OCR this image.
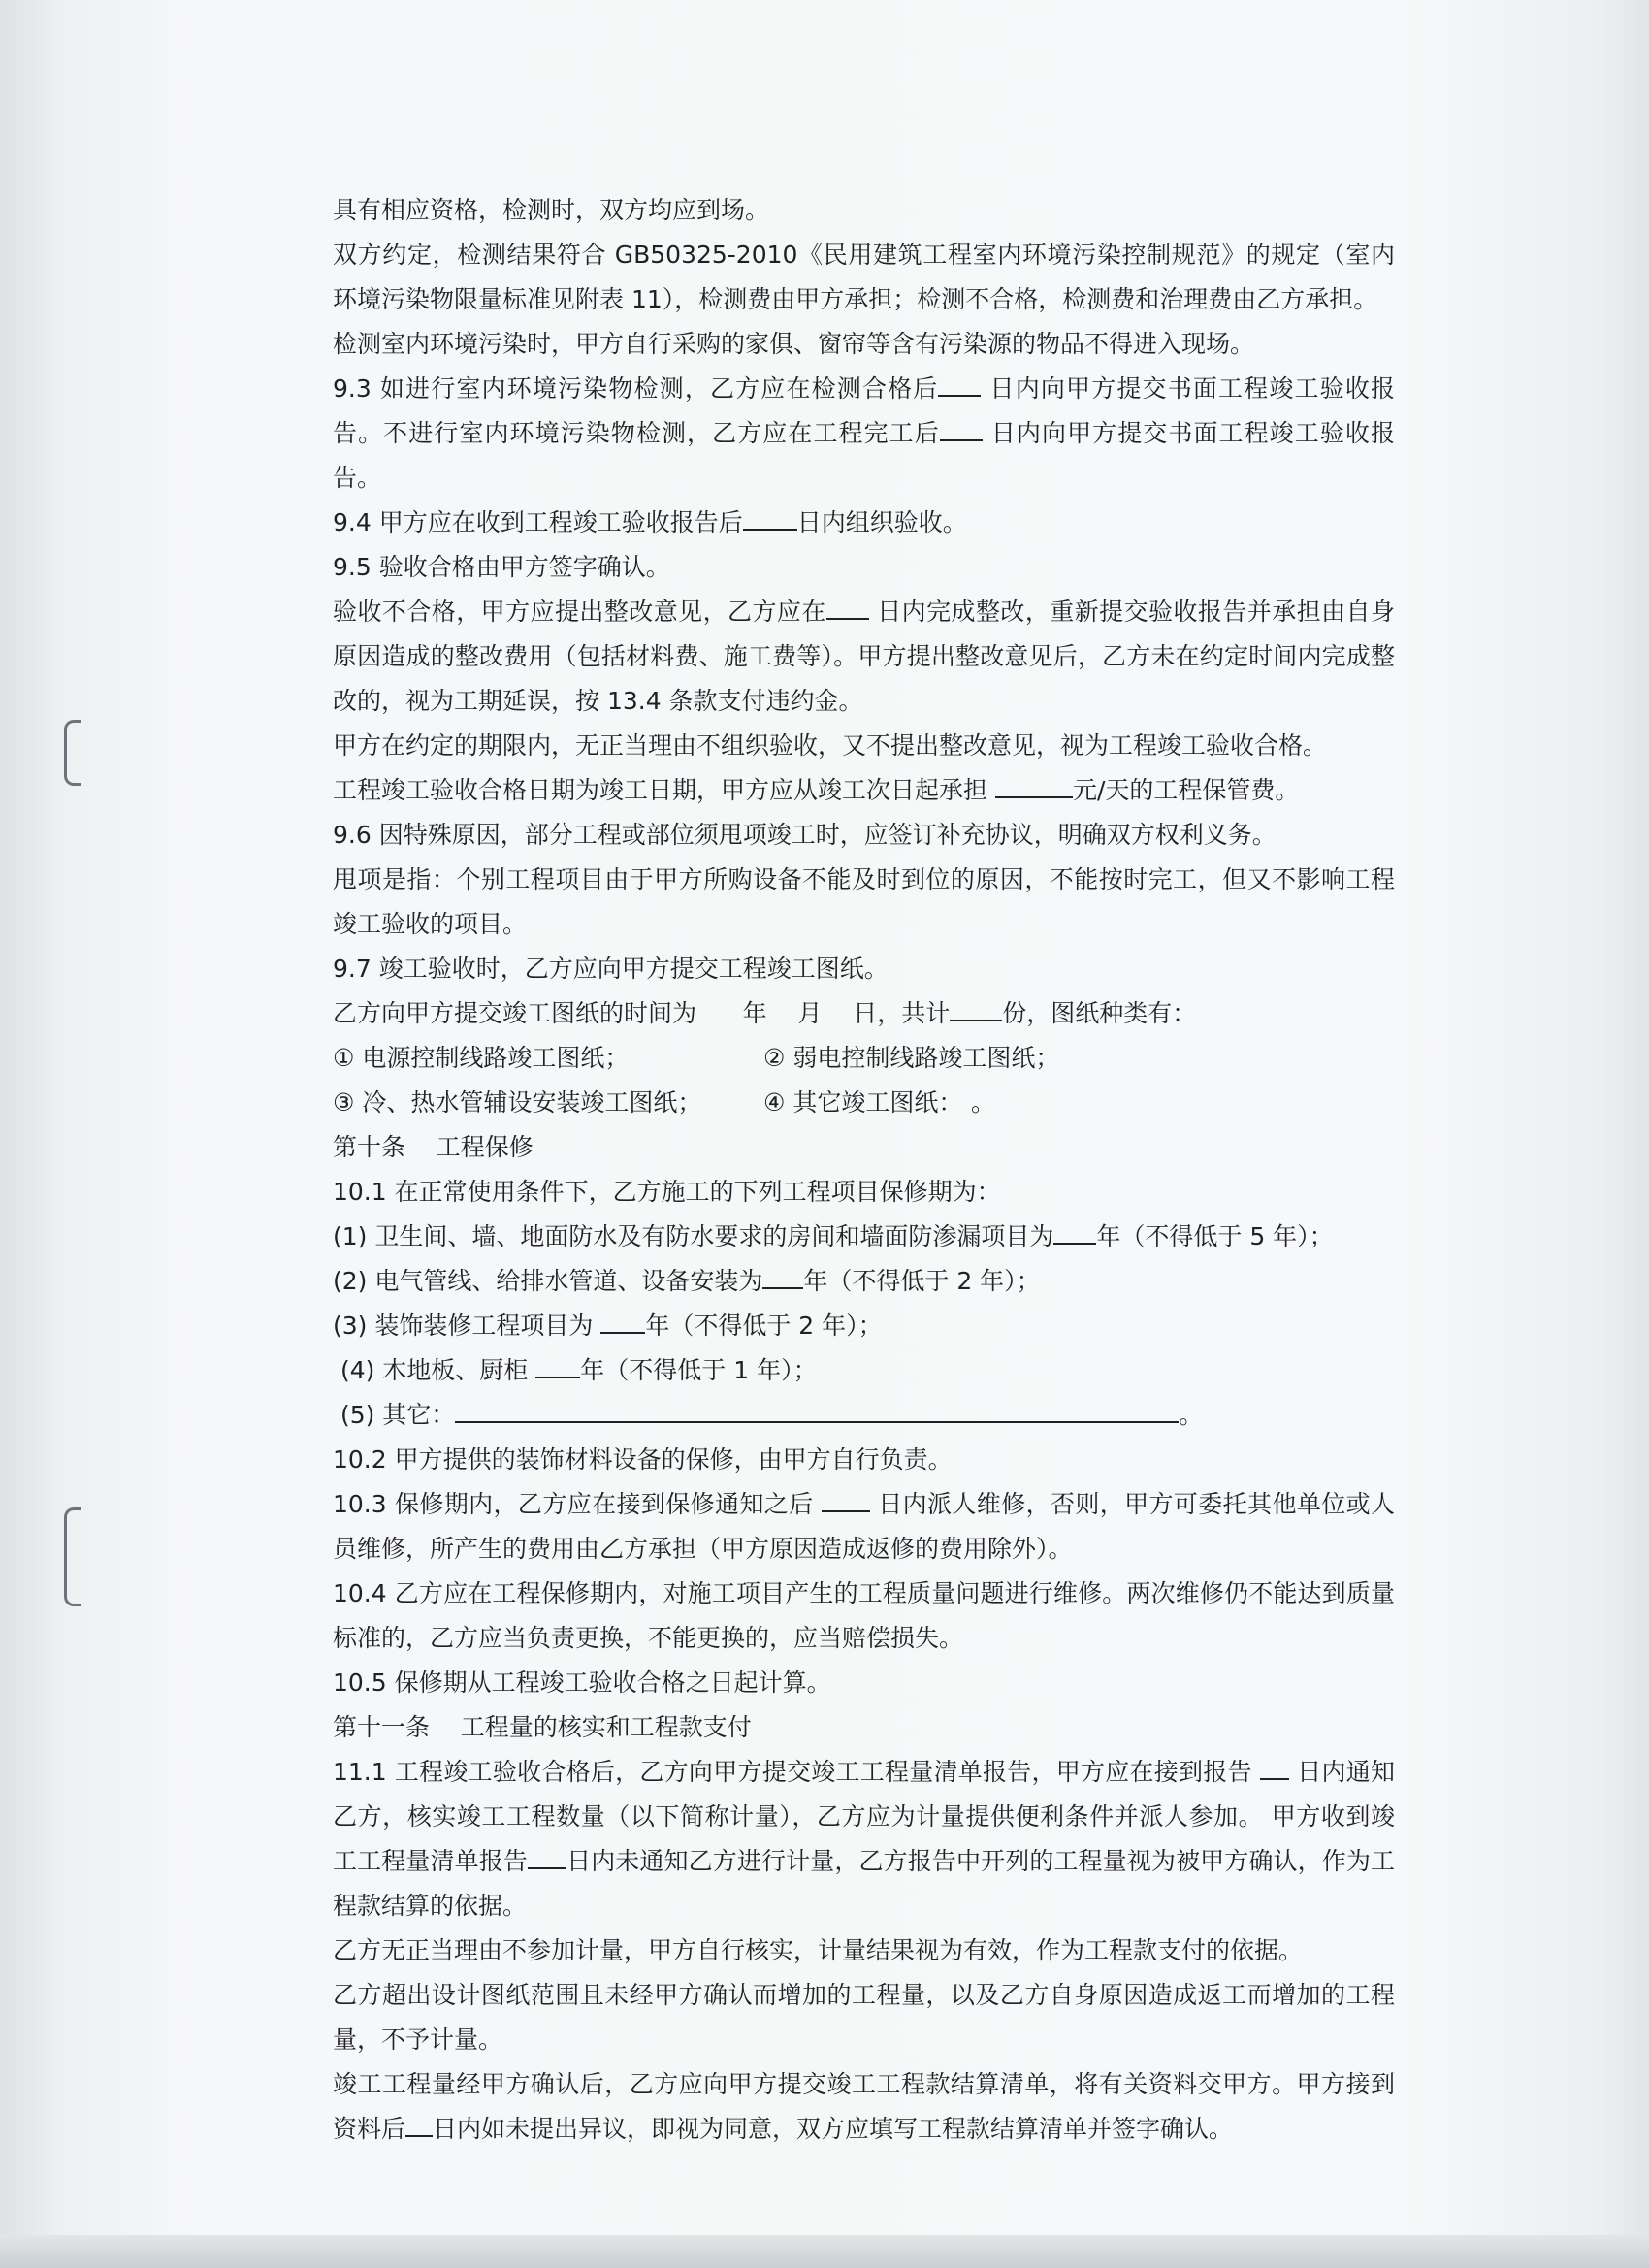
具有相应资格，检测时，双方均应到场。

双方约定，检测结果符合 GB50325-2010《民用建筑工程室内环境污染控制规范》的规定（室内环境污染物限量标准见附表 11），检测费由甲方承担；检测不合格，检测费和治理费由乙方承担。

检测室内环境污染时，甲方自行采购的家俱、窗帘等含有污染源的物品不得进入现场。

9.3 如进行室内环境污染物检测，乙方应在检测合格后 日内向甲方提交书面工程竣工验收报告。不进行室内环境污染物检测，乙方应在工程完工后 日内向甲方提交书面工程竣工验收报告。

9.4 甲方应在收到工程竣工验收报告后 日内组织验收。

9.5 验收合格由甲方签字确认。

验收不合格，甲方应提出整改意见，乙方应在 日内完成整改，重新提交验收报告并承担由自身原因造成的整改费用（包括材料费、施工费等）。甲方提出整改意见后，乙方未在约定时间内完成整改的，视为工期延误，按 13.4 条款支付违约金。

甲方在约定的期限内，无正当理由不组织验收，又不提出整改意见，视为工程竣工验收合格。

工程竣工验收合格日期为竣工日期，甲方应从竣工次日起承担	元/天的工程保管费。

9.6 因特殊原因，部分工程或部位须甩项竣工时，应签订补充协议，明确双方权利义务。

甩项是指：个别工程项目由于甲方所购设备不能及时到位的原因，不能按时完工，但又不影响工程竣工验收的项目。

9.7 竣工验收时，乙方应向甲方提交工程竣工图纸。

乙方向甲方提交竣工图纸的时间为      年    月    日，共计 份，图纸种类有：

① 电源控制线路竣工图纸；	② 弱电控制线路竣工图纸；

③ 冷、热水管辅设安装竣工图纸；	④ 其它竣工图纸： 。

第十条    工程保修

10.1 在正常使用条件下，乙方施工的下列工程项目保修期为：

(1) 卫生间、墙、地面防水及有防水要求的房间和墙面防渗漏项目为 年（不得低于 5 年）；

(2) 电气管线、给排水管道、设备安装为 年（不得低于 2 年）；

(3) 装饰装修工程项目为 年（不得低于 2 年）；

(4) 木地板、厨柜 年（不得低于 1 年）；

(5) 其它：	。

10.2 甲方提供的装饰材料设备的保修，由甲方自行负责。

10.3 保修期内，乙方应在接到保修通知之后  日内派人维修，否则，甲方可委托其他单位或人员维修，所产生的费用由乙方承担（甲方原因造成返修的费用除外）。

10.4 乙方应在工程保修期内，对施工项目产生的工程质量问题进行维修。两次维修仍不能达到质量标准的，乙方应当负责更换，不能更换的，应当赔偿损失。

10.5 保修期从工程竣工验收合格之日起计算。

第十一条    工程量的核实和工程款支付

11.1 工程竣工验收合格后，乙方向甲方提交竣工工程量清单报告，甲方应在接到报告  日内通知乙方，核实竣工工程数量（以下简称计量），乙方应为计量提供便利条件并派人参加。 甲方收到竣工工程量清单报告 日内未通知乙方进行计量，乙方报告中开列的工程量视为被甲方确认，作为工程款结算的依据。

乙方无正当理由不参加计量，甲方自行核实，计量结果视为有效，作为工程款支付的依据。

乙方超出设计图纸范围且未经甲方确认而增加的工程量，以及乙方自身原因造成返工而增加的工程量，不予计量。

竣工工程量经甲方确认后，乙方应向甲方提交竣工工程款结算清单，将有关资料交甲方。甲方接到资料后 日内如未提出异议，即视为同意，双方应填写工程款结算清单并签字确认。
